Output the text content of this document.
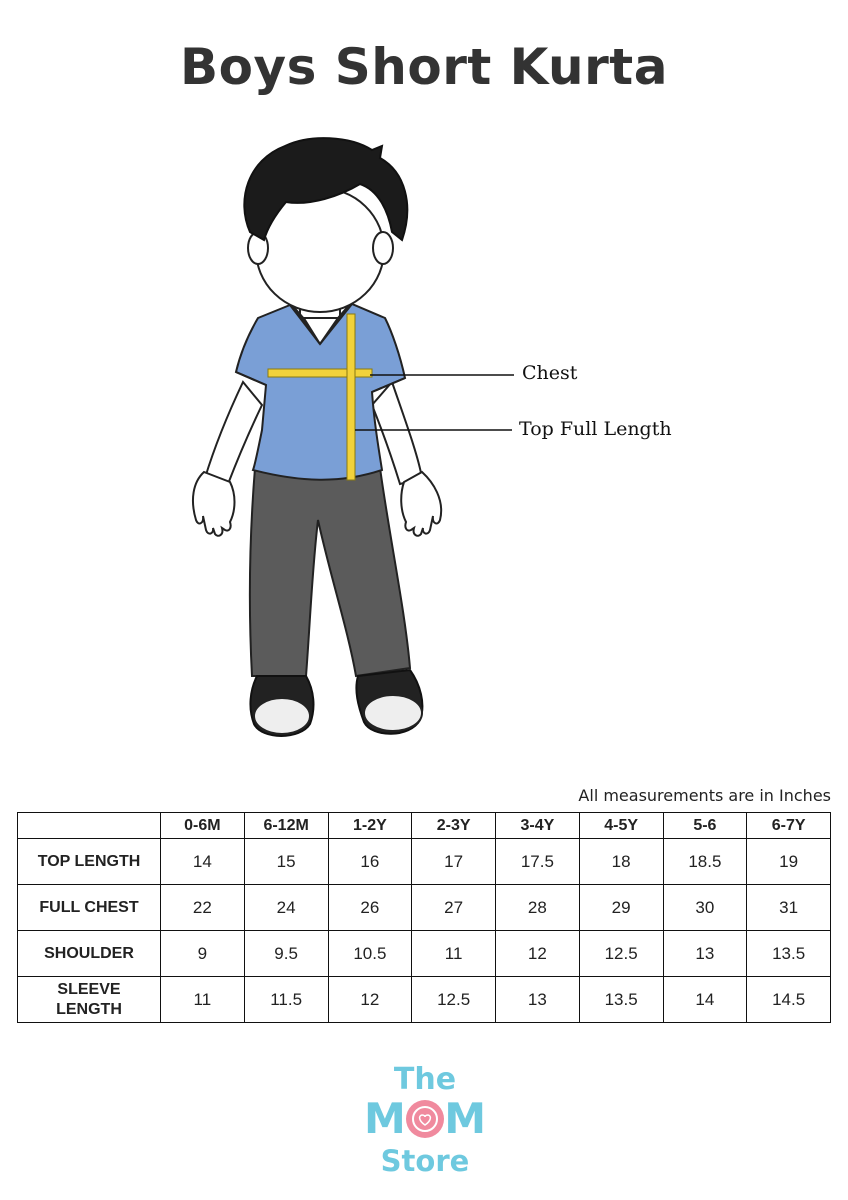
Boys Short Kurta
Chest
Top Full Length
All measurements are in Inches
	0-6M	6-12M	1-2Y	2-3Y	3-4Y	4-5Y	5-6	6-7Y
TOP LENGTH	14	15	16	17	17.5	18	18.5	19
FULL CHEST	22	24	26	27	28	29	30	31
SHOULDER	9	9.5	10.5	11	12	12.5	13	13.5

SLEEVE
LENGTH	11	11.5	12	12.5	13	13.5	14	14.5
The
M M
Store
